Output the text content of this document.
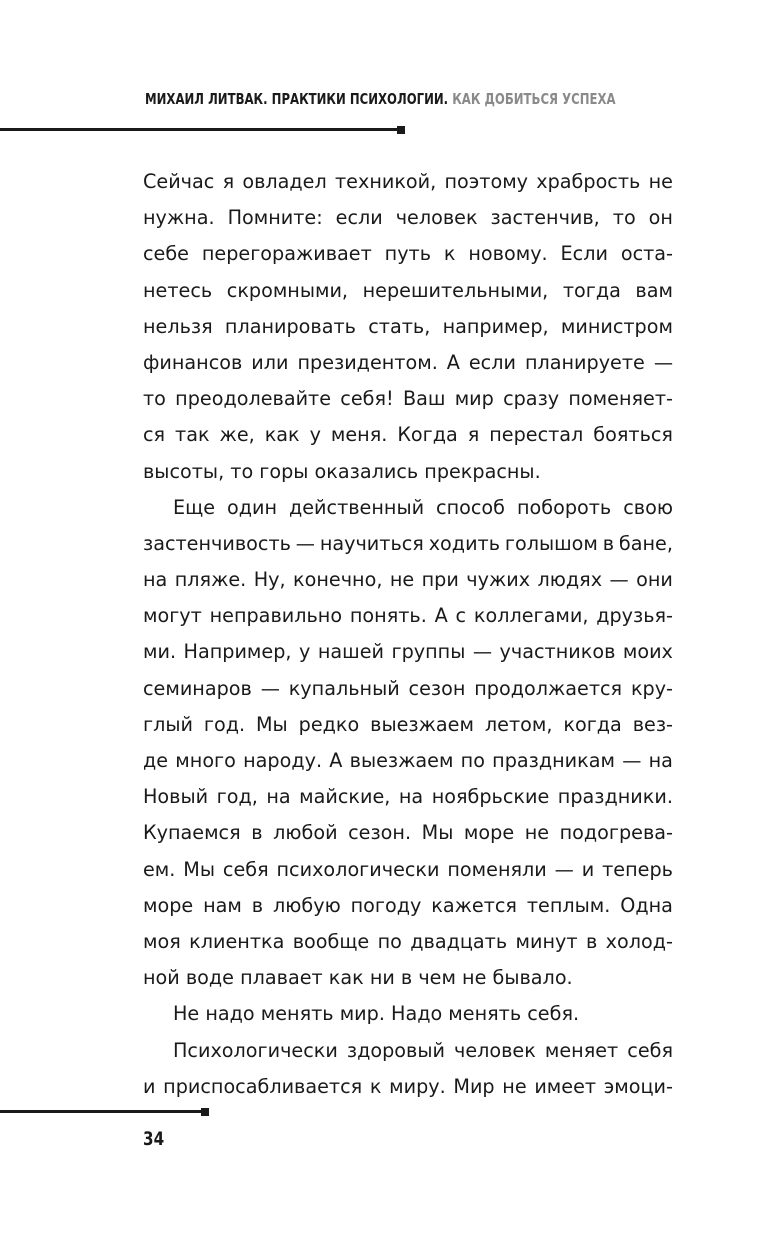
МИХАИЛ ЛИТВАК. ПРАКТИКИ ПСИХОЛОГИИ. КАК ДОБИТЬСЯ УСПЕХА
Сейчас я овладел техникой, поэтому храбрость не
нужна. Помните: если человек застенчив, то он
себе перегораживает путь к новому. Если оста-
нетесь скромными, нерешительными, тогда вам
нельзя планировать стать, например, министром
финансов или президентом. А если планируете —
то преодолевайте себя! Ваш мир сразу поменяет-
ся так же, как у меня. Когда я перестал бояться
высоты, то горы оказались прекрасны.
Еще один действенный способ побороть свою
застенчивость — научиться ходить голышом в бане,
на пляже. Ну, конечно, не при чужих людях — они
могут неправильно понять. А с коллегами, друзья-
ми. Например, у нашей группы — участников моих
семинаров — купальный сезон продолжается кру-
глый год. Мы редко выезжаем летом, когда вез-
де много народу. А выезжаем по праздникам — на
Новый год, на майские, на ноябрьские праздники.
Купаемся в любой сезон. Мы море не подогрева-
ем. Мы себя психологически поменяли — и теперь
море нам в любую погоду кажется теплым. Одна
моя клиентка вообще по двадцать минут в холод-
ной воде плавает как ни в чем не бывало.
Не надо менять мир. Надо менять себя.
Психологически здоровый человек меняет себя
и приспосабливается к миру. Мир не имеет эмоци-
34
